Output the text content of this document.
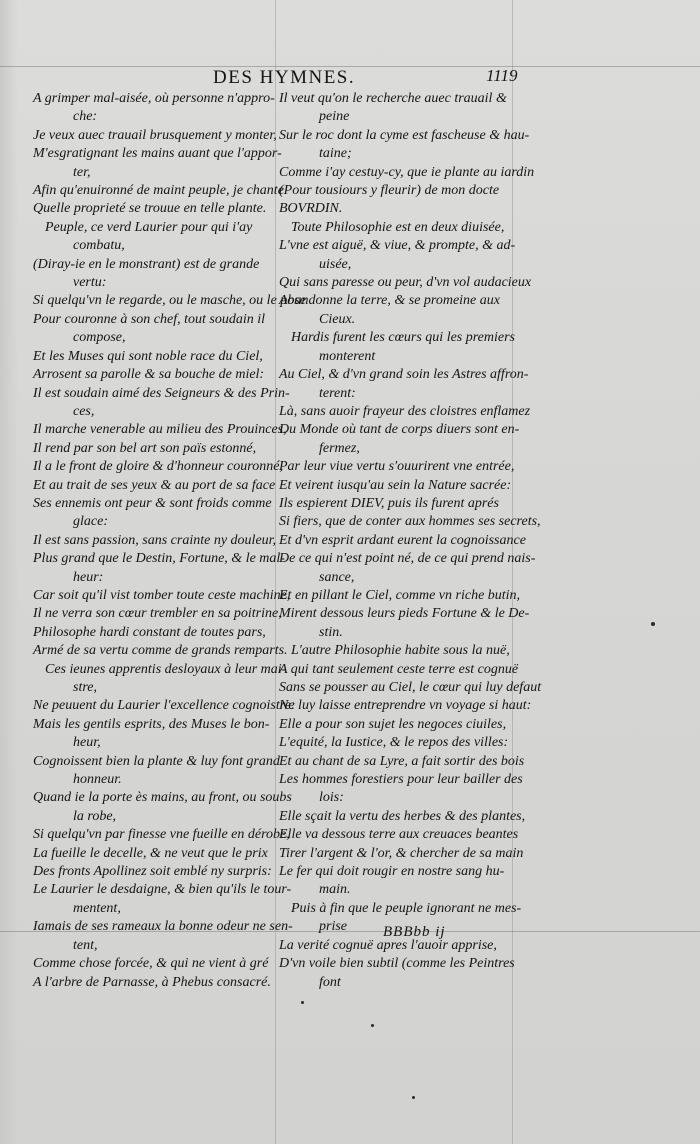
DES HYMNES.	1119
A grimper mal-aisée, où personne n'appro-
che:
Je veux auec trauail brusquement y monter,
M'esgratignant les mains auant que l'appor-
ter,
Afin qu'enuironné de maint peuple, je chante
Quelle proprieté se trouue en telle plante.
Peuple, ce verd Laurier pour qui i'ay
combatu,
(Diray-ie en le monstrant) est de grande
vertu:
Si quelqu'vn le regarde, ou le masche, ou le pose
Pour couronne à son chef, tout soudain il
compose,
Et les Muses qui sont noble race du Ciel,
Arrosent sa parolle & sa bouche de miel:
Il est soudain aimé des Seigneurs & des Prin-
ces,
Il marche venerable au milieu des Prouinces,
Il rend par son bel art son païs estonné,
Il a le front de gloire & d'honneur couronné,
Et au trait de ses yeux & au port de sa face
Ses ennemis ont peur & sont froids comme
glace:
Il est sans passion, sans crainte ny douleur,
Plus grand que le Destin, Fortune, & le mal-
heur:
Car soit qu'il vist tomber toute ceste machine,
Il ne verra son cœur trembler en sa poitrine,
Philosophe hardi constant de toutes pars,
Armé de sa vertu comme de grands remparts.
Ces ieunes apprentis desloyaux à leur mai-
stre,
Ne peuuent du Laurier l'excellence cognoistre:
Mais les gentils esprits, des Muses le bon-
heur,
Cognoissent bien la plante & luy font grand
honneur.
Quand ie la porte ès mains, au front, ou soubs
la robe,
Si quelqu'vn par finesse vne fueille en dérobe,
La fueille le decelle, & ne veut que le prix
Des fronts Apollinez soit emblé ny surpris:
Le Laurier le desdaigne, & bien qu'ils le tour-
mentent,
Iamais de ses rameaux la bonne odeur ne sen-
tent,
Comme chose forcée, & qui ne vient à gré
A l'arbre de Parnasse, à Phebus consacré.
Il veut qu'on le recherche auec trauail &
peine
Sur le roc dont la cyme est fascheuse & hau-
taine;
Comme i'ay cestuy-cy, que ie plante au iardin
(Pour tousiours y fleurir) de mon docte
BOVRDIN.
Toute Philosophie est en deux diuisée,
L'vne est aiguë, & viue, & prompte, & ad-
uisée,
Qui sans paresse ou peur, d'vn vol audacieux
Abandonne la terre, & se promeine aux
Cieux.
Hardis furent les cœurs qui les premiers
monterent
Au Ciel, & d'vn grand soin les Astres affron-
terent:
Là, sans auoir frayeur des cloistres enflamez
Du Monde où tant de corps diuers sont en-
fermez,
Par leur viue vertu s'ouurirent vne entrée,
Et veirent iusqu'au sein la Nature sacrée:
Ils espierent DIEV, puis ils furent aprés
Si fiers, que de conter aux hommes ses secrets,
Et d'vn esprit ardant eurent la cognoissance
De ce qui n'est point né, de ce qui prend nais-
sance,
Et en pillant le Ciel, comme vn riche butin,
Mirent dessous leurs pieds Fortune & le De-
stin.
L'autre Philosophie habite sous la nuë,
A qui tant seulement ceste terre est cognuë
Sans se pousser au Ciel, le cœur qui luy defaut
Ne luy laisse entreprendre vn voyage si haut:
Elle a pour son sujet les negoces ciuiles,
L'equité, la Iustice, & le repos des villes:
Et au chant de sa Lyre, a fait sortir des bois
Les hommes forestiers pour leur bailler des
lois:
Elle sçait la vertu des herbes & des plantes,
Elle va dessous terre aux creuaces beantes
Tirer l'argent & l'or, & chercher de sa main
Le fer qui doit rougir en nostre sang hu-
main.
Puis à fin que le peuple ignorant ne mes-
prise
La verité cognuë apres l'auoir apprise,
D'vn voile bien subtil (comme les Peintres
font
BBBbb ij
